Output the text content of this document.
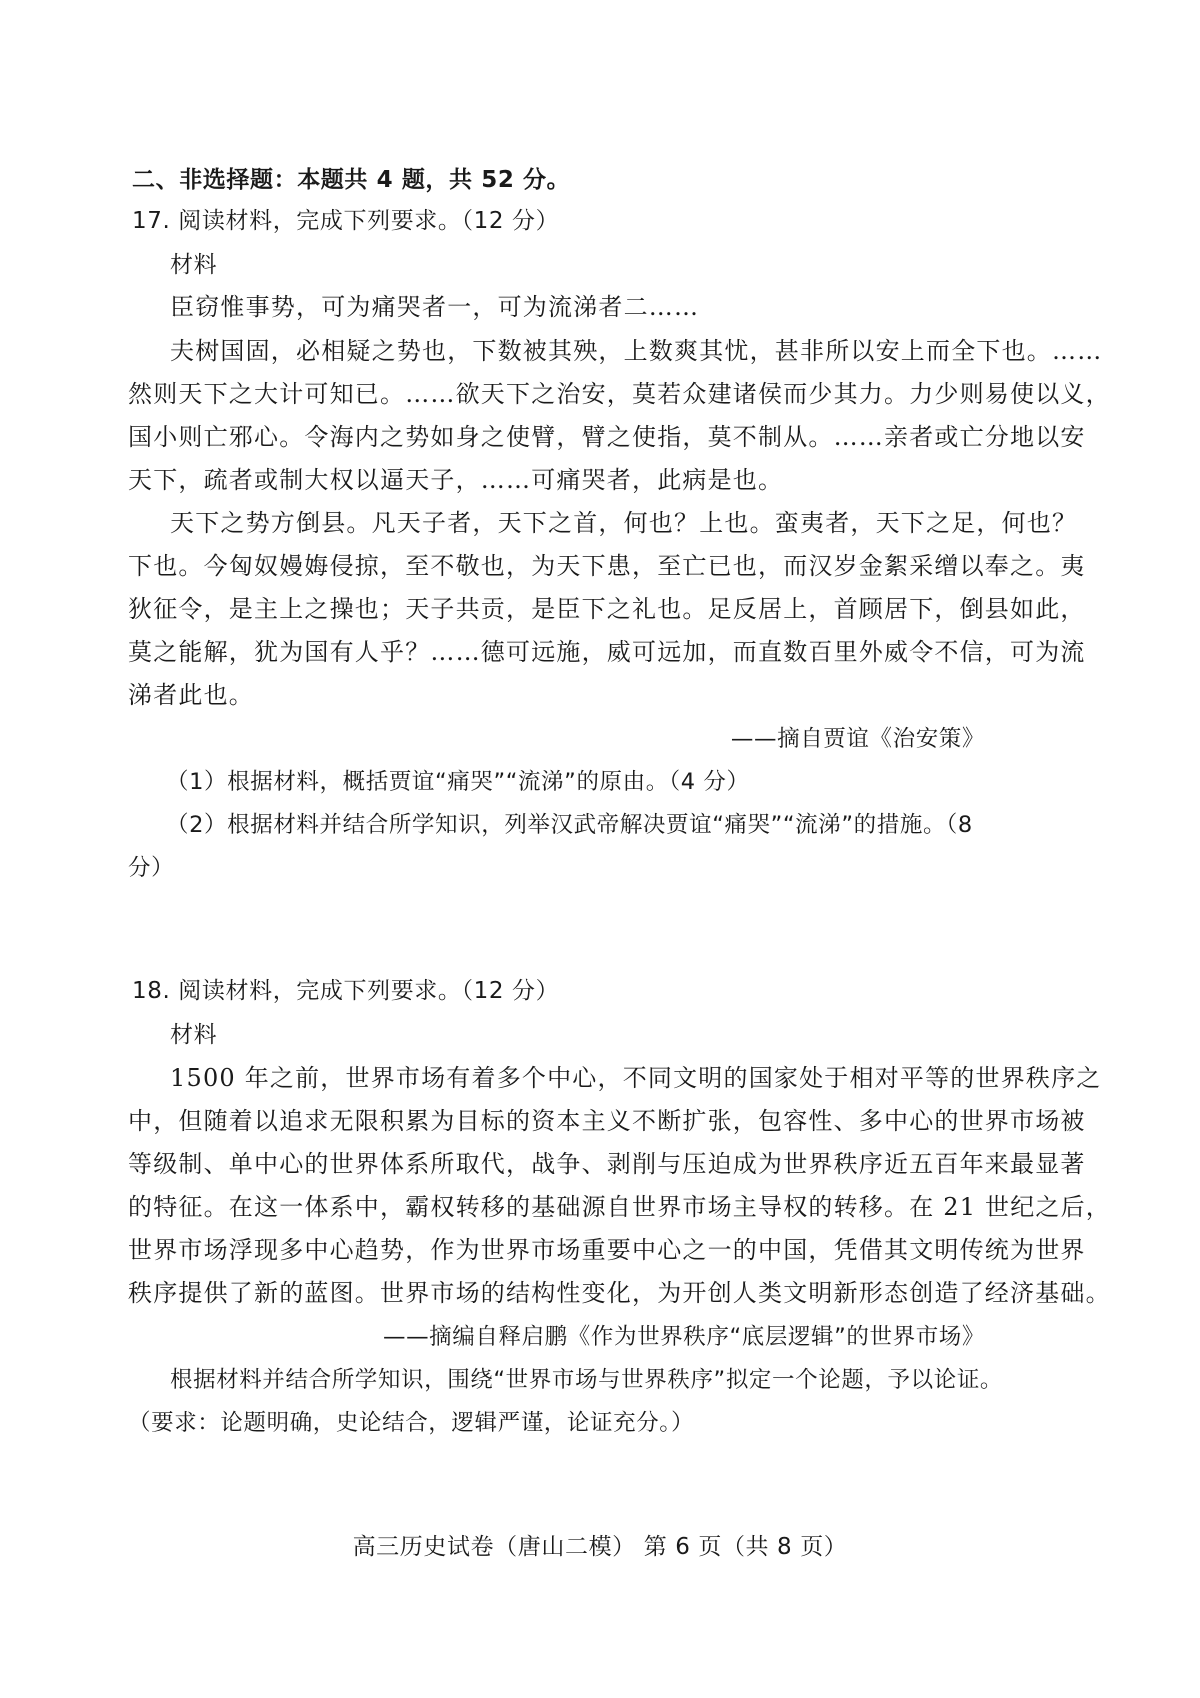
二、非选择题：本题共 4 题，共 52 分。
17. 阅读材料，完成下列要求。（12 分）
材料
臣窃惟事势，可为痛哭者一，可为流涕者二……
夫树国固，必相疑之势也，下数被其殃，上数爽其忧，甚非所以安上而全下也。……
然则天下之大计可知已。……欲天下之治安，莫若众建诸侯而少其力。力少则易使以义，
国小则亡邪心。令海内之势如身之使臂，臂之使指，莫不制从。……亲者或亡分地以安
天下，疏者或制大权以逼天子，……可痛哭者，此病是也。
天下之势方倒县。凡天子者，天下之首，何也？上也。蛮夷者，天下之足，何也？
下也。今匈奴嫚娒侵掠，至不敬也，为天下患，至亡已也，而汉岁金絮采缯以奉之。夷
狄征令，是主上之操也；天子共贡，是臣下之礼也。足反居上，首顾居下，倒县如此，
莫之能解，犹为国有人乎？……德可远施，威可远加，而直数百里外威令不信，可为流
涕者此也。
——摘自贾谊《治安策》
（1）根据材料，概括贾谊“痛哭”“流涕”的原由。（4 分）
（2）根据材料并结合所学知识，列举汉武帝解决贾谊“痛哭”“流涕”的措施。（8
分）
18. 阅读材料，完成下列要求。（12 分）
材料
1500 年之前，世界市场有着多个中心，不同文明的国家处于相对平等的世界秩序之
中，但随着以追求无限积累为目标的资本主义不断扩张，包容性、多中心的世界市场被
等级制、单中心的世界体系所取代，战争、剥削与压迫成为世界秩序近五百年来最显著
的特征。在这一体系中，霸权转移的基础源自世界市场主导权的转移。在 21 世纪之后，
世界市场浮现多中心趋势，作为世界市场重要中心之一的中国，凭借其文明传统为世界
秩序提供了新的蓝图。世界市场的结构性变化，为开创人类文明新形态创造了经济基础。
——摘编自释启鹏《作为世界秩序“底层逻辑”的世界市场》
根据材料并结合所学知识，围绕“世界市场与世界秩序”拟定一个论题，予以论证。
（要求：论题明确，史论结合，逻辑严谨，论证充分。）
高三历史试卷（唐山二模） 第 6 页（共 8 页）
